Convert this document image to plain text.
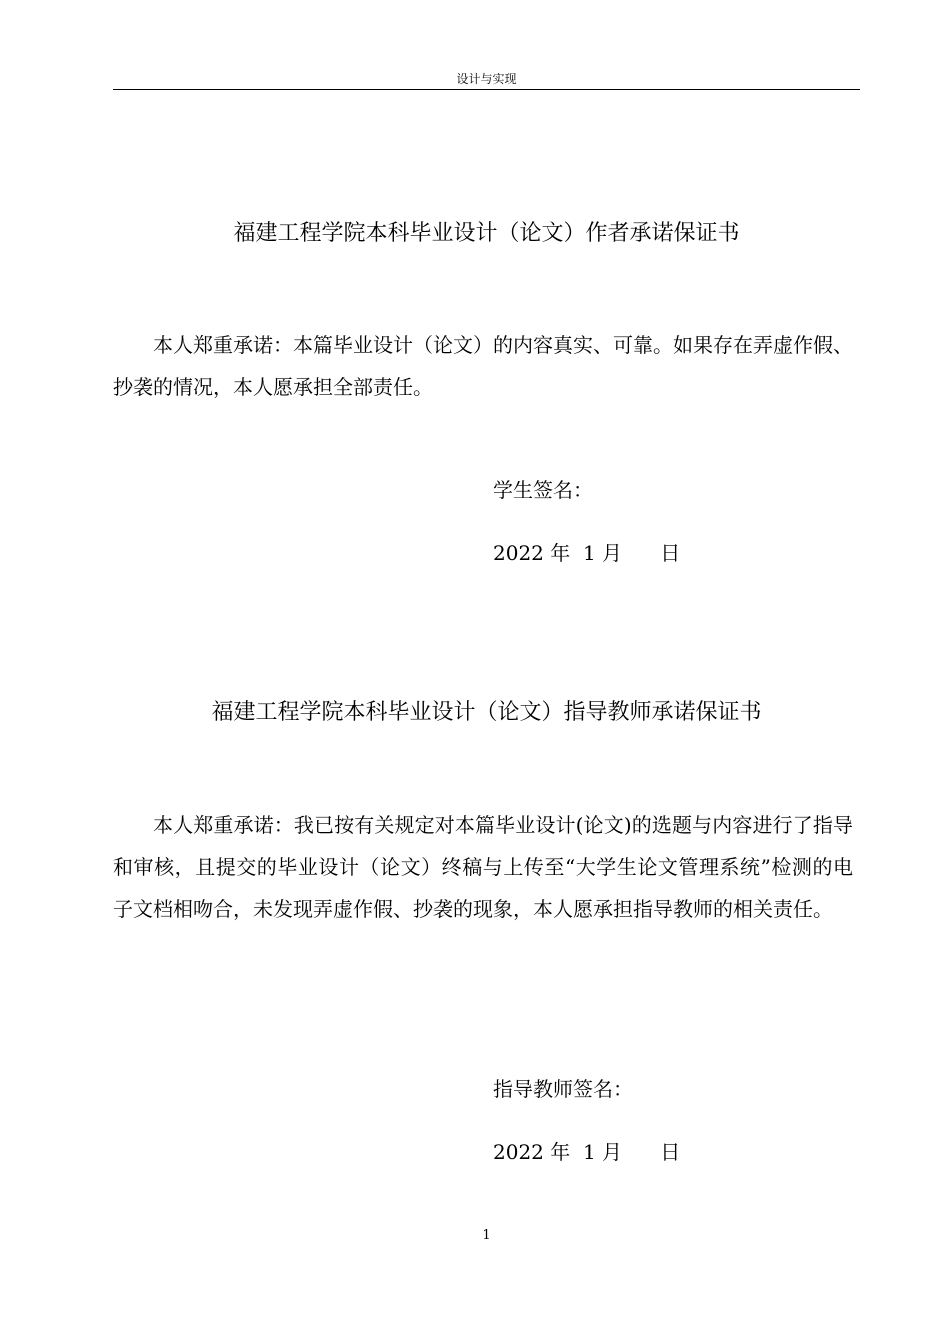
设计与实现
福建工程学院本科毕业设计（论文）作者承诺保证书
本人郑重承诺：本篇毕业设计（论文）的内容真实、可靠。如果存在弄虚作假、抄袭的情况，本人愿承担全部责任。
学生签名：
2022 年  1 月      日
福建工程学院本科毕业设计（论文）指导教师承诺保证书
本人郑重承诺：我已按有关规定对本篇毕业设计(论文)的选题与内容进行了指导和审核，且提交的毕业设计（论文）终稿与上传至“大学生论文管理系统”检测的电子文档相吻合，未发现弄虚作假、抄袭的现象，本人愿承担指导教师的相关责任。
指导教师签名：
2022 年  1 月      日
1
